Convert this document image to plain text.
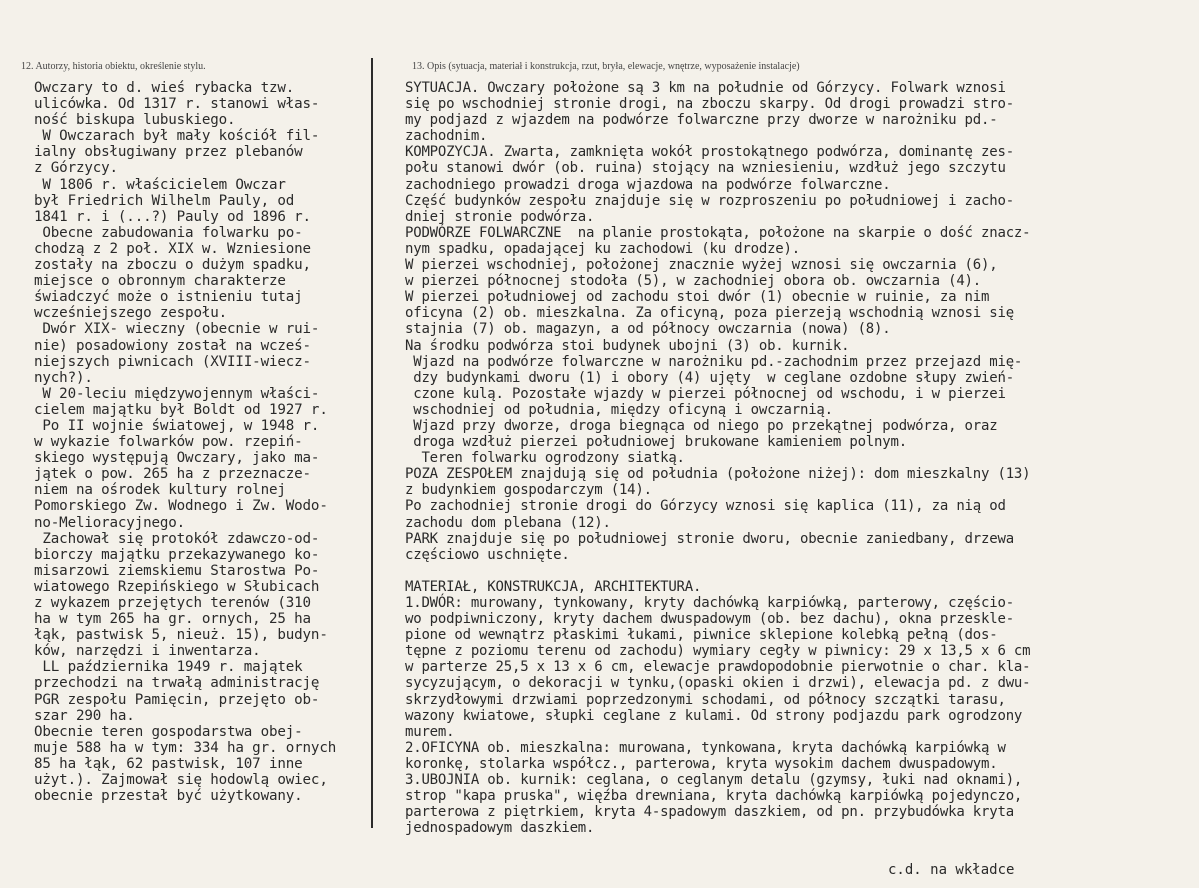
12. Autorzy, historia obiektu, określenie stylu.	13. Opis (sytuacja, materiał i konstrukcja, rzut, bryła, elewacje, wnętrze, wyposażenie instalacje)
Owczary to d. wieś rybacka tzw.
ulicówka. Od 1317 r. stanowi włas-
ność biskupa lubuskiego.
W Owczarach był mały kościół fil-
ialny obsługiwany przez plebanów
z Górzycy.
W 1806 r. właścicielem Owczar
był Friedrich Wilhelm Pauly, od
1841 r. i (...?) Pauly od 1896 r.
Obecne zabudowania folwarku po-
chodzą z 2 poł. XIX w. Wzniesione
zostały na zboczu o dużym spadku,
miejsce o obronnym charakterze
świadczyć może o istnieniu tutaj
wcześniejszego zespołu.
Dwór XIX- wieczny (obecnie w rui-
nie) posadowiony został na wcześ-
niejszych piwnicach (XVIII-wiecz-
nych?).
W 20-leciu międzywojennym właści-
cielem majątku był Boldt od 1927 r.
Po II wojnie światowej, w 1948 r.
w wykazie folwarków pow. rzepiń-
skiego występują Owczary, jako ma-
jątek o pow. 265 ha z przeznacze-
niem na ośrodek kultury rolnej
Pomorskiego Zw. Wodnego i Zw. Wodo-
no-Melioracyjnego.
Zachował się protokół zdawczo-od-
biorczy majątku przekazywanego ko-
misarzowi ziemskiemu Starostwa Po-
wiatowego Rzepińskiego w Słubicach
z wykazem przejętych terenów (310
ha w tym 265 ha gr. ornych, 25 ha
łąk, pastwisk 5, nieuż. 15), budyn-
ków, narzędzi i inwentarza.
LL października 1949 r. majątek
przechodzi na trwałą administrację
PGR zespołu Pamięcin, przejęto ob-
szar 290 ha.
Obecnie teren gospodarstwa obej-
muje 588 ha w tym: 334 ha gr. ornych
85 ha łąk, 62 pastwisk, 107 inne
użyt.). Zajmował się hodowlą owiec,
obecnie przestał być użytkowany.
SYTUACJA. Owczary położone są 3 km na południe od Górzycy. Folwark wznosi
się po wschodniej stronie drogi, na zboczu skarpy. Od drogi prowadzi stro-
my podjazd z wjazdem na podwórze folwarczne przy dworze w narożniku pd.-
zachodnim.
KOMPOZYCJA. Zwarta, zamknięta wokół prostokątnego podwórza, dominantę zes-
połu stanowi dwór (ob. ruina) stojący na wzniesieniu, wzdłuż jego szczytu
zachodniego prowadzi droga wjazdowa na podwórze folwarczne.
Część budynków zespołu znajduje się w rozproszeniu po południowej i zacho-
dniej stronie podwórza.
PODWÓRZE FOLWARCZNE  na planie prostokąta, położone na skarpie o dość znacz-
nym spadku, opadającej ku zachodowi (ku drodze).
W pierzei wschodniej, położonej znacznie wyżej wznosi się owczarnia (6),
w pierzei północnej stodoła (5), w zachodniej obora ob. owczarnia (4).
W pierzei południowej od zachodu stoi dwór (1) obecnie w ruinie, za nim
oficyna (2) ob. mieszkalna. Za oficyną, poza pierzeją wschodnią wznosi się
stajnia (7) ob. magazyn, a od północy owczarnia (nowa) (8).
Na środku podwórza stoi budynek ubojni (3) ob. kurnik.
Wjazd na podwórze folwarczne w narożniku pd.-zachodnim przez przejazd mię-
dzy budynkami dworu (1) i obory (4) ujęty  w ceglane ozdobne słupy zwień-
czone kulą. Pozostałe wjazdy w pierzei północnej od wschodu, i w pierzei
wschodniej od południa, między oficyną i owczarnią.
Wjazd przy dworze, droga biegnąca od niego po przekątnej podwórza, oraz
droga wzdłuż pierzei południowej brukowane kamieniem polnym.
Teren folwarku ogrodzony siatką.
POZA ZESPOŁEM znajdują się od południa (położone niżej): dom mieszkalny (13)
z budynkiem gospodarczym (14).
Po zachodniej stronie drogi do Górzycy wznosi się kaplica (11), za nią od
zachodu dom plebana (12).
PARK znajduje się po południowej stronie dworu, obecnie zaniedbany, drzewa
częściowo uschnięte.
MATERIAŁ, KONSTRUKCJA, ARCHITEKTURA.
1.DWÓR: murowany, tynkowany, kryty dachówką karpiówką, parterowy, częścio-
wo podpiwniczony, kryty dachem dwuspadowym (ob. bez dachu), okna przeskle-
pione od wewnątrz płaskimi łukami, piwnice sklepione kolebką pełną (dos-
tępne z poziomu terenu od zachodu) wymiary cegły w piwnicy: 29 x 13,5 x 6 cm
w parterze 25,5 x 13 x 6 cm, elewacje prawdopodobnie pierwotnie o char. kla-
sycyzującym, o dekoracji w tynku,(opaski okien i drzwi), elewacja pd. z dwu-
skrzydłowymi drzwiami poprzedzonymi schodami, od północy szczątki tarasu,
wazony kwiatowe, słupki ceglane z kulami. Od strony podjazdu park ogrodzony
murem.
2.OFICYNA ob. mieszkalna: murowana, tynkowana, kryta dachówką karpiówką w
koronkę, stolarka współcz., parterowa, kryta wysokim dachem dwuspadowym.
3.UBOJNIA ob. kurnik: ceglana, o ceglanym detalu (gzymsy, łuki nad oknami),
strop "kapa pruska", więźba drewniana, kryta dachówką karpiówką pojedynczo,
parterowa z piętrkiem, kryta 4-spadowym daszkiem, od pn. przybudówka kryta
jednospadowym daszkiem.
c.d. na wkładce
